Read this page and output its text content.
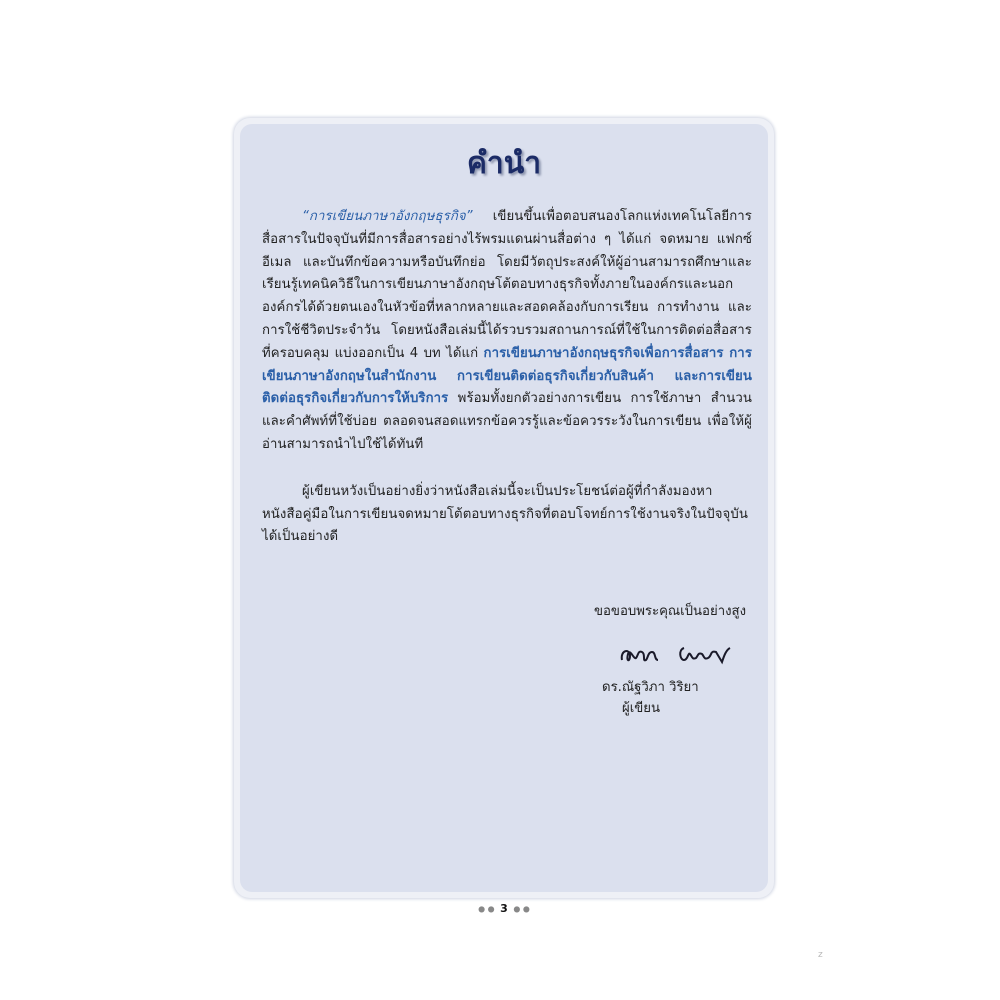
คำนำ

“การเขียนภาษาอังกฤษธุรกิจ” เขียนขึ้นเพื่อตอบสนองโลกแห่งเทคโนโลยีการสื่อสารในปัจจุบันที่มีการสื่อสารอย่างไร้พรมแดนผ่านสื่อต่าง ๆ ได้แก่ จดหมาย แฟกซ์ อีเมล และบันทึกข้อความหรือบันทึกย่อ โดยมีวัตถุประสงค์ให้ผู้อ่านสามารถศึกษาและเรียนรู้เทคนิควิธีในการเขียนภาษาอังกฤษโต้ตอบทางธุรกิจทั้งภายในองค์กรและนอกองค์กรได้ด้วยตนเองในหัวข้อที่หลากหลายและสอดคล้องกับการเรียน การทำงาน และการใช้ชีวิตประจำวัน โดยหนังสือเล่มนี้ได้รวบรวมสถานการณ์ที่ใช้ในการติดต่อสื่อสารที่ครอบคลุม แบ่งออกเป็น 4 บท ได้แก่ การเขียนภาษาอังกฤษธุรกิจเพื่อการสื่อสาร การเขียนภาษาอังกฤษในสำนักงาน การเขียนติดต่อธุรกิจเกี่ยวกับสินค้า และการเขียนติดต่อธุรกิจเกี่ยวกับการให้บริการ พร้อมทั้งยกตัวอย่างการเขียน การใช้ภาษา สำนวน และคำศัพท์ที่ใช้บ่อย ตลอดจนสอดแทรกข้อควรรู้และข้อควรระวังในการเขียน เพื่อให้ผู้อ่านสามารถนำไปใช้ได้ทันที

ผู้เขียนหวังเป็นอย่างยิ่งว่าหนังสือเล่มนี้จะเป็นประโยชน์ต่อผู้ที่กำลังมองหาหนังสือคู่มือในการเขียนจดหมายโต้ตอบทางธุรกิจที่ตอบโจทย์การใช้งานจริงในปัจจุบันได้เป็นอย่างดี

ขอขอบพระคุณเป็นอย่างสูง
ดร.ณัฐวิภา วิริยา
ผู้เขียน
● ● 3 ● ●
z
